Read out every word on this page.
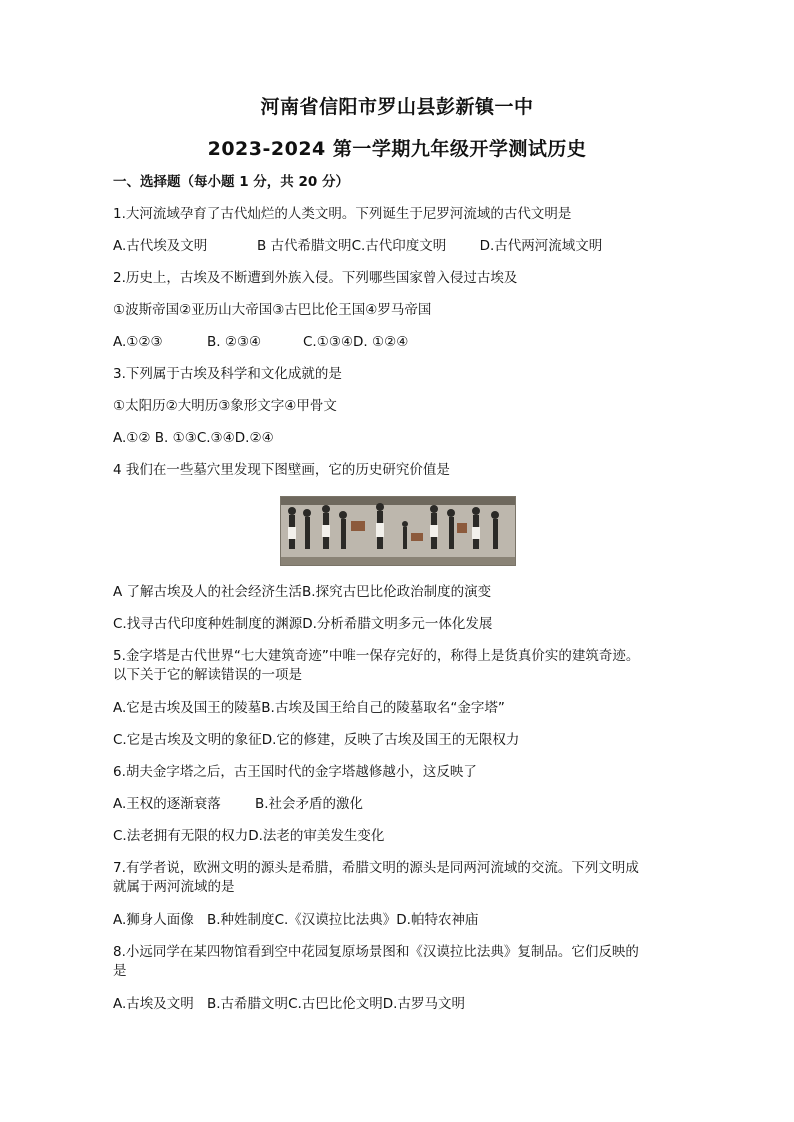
河南省信阳市罗山县彭新镇一中
2023-2024 第一学期九年级开学测试历史
一、选择题（每小题 1 分，共 20 分）
1.大河流域孕育了古代灿烂的人类文明。下列诞生于尼罗河流域的古代文明是
A.古代埃及文明	B 古代希腊文明C.古代印度文明 D.古代两河流域文明
2.历史上，古埃及不断遭到外族入侵。下列哪些国家曾入侵过古埃及
①波斯帝国②亚历山大帝国③古巴比伦王国④罗马帝国
A.①②③	B. ②③④	C.①③④D. ①②④
3.下列属于古埃及科学和文化成就的是
①太阳历②大明历③象形文字④甲骨文
A.①② B. ①③C.③④D.②④
4 我们在一些墓穴里发现下图壁画，它的历史研究价值是
A 了解古埃及人的社会经济生活B.探究古巴比伦政治制度的演变
C.找寻古代印度种姓制度的渊源D.分析希腊文明多元一体化发展
5.金字塔是古代世界“七大建筑奇迹”中唯一保存完好的，称得上是货真价实的建筑奇迹。
以下关于它的解读错误的一项是
A.它是古埃及国王的陵墓B.古埃及国王给自己的陵墓取名“金字塔”
C.它是古埃及文明的象征D.它的修建，反映了古埃及国王的无限权力
6.胡夫金字塔之后，古王国时代的金字塔越修越小，这反映了
A.王权的逐渐衰落	B.社会矛盾的激化
C.法老拥有无限的权力D.法老的审美发生变化
7.有学者说，欧洲文明的源头是希腊，希腊文明的源头是同两河流域的交流。下列文明成
就属于两河流域的是
A.狮身人面像 B.种姓制度C.《汉谟拉比法典》D.帕特农神庙
8.小远同学在某四物馆看到空中花园复原场景图和《汉谟拉比法典》复制品。它们反映的
是
A.古埃及文明 B.古希腊文明C.古巴比伦文明D.古罗马文明
